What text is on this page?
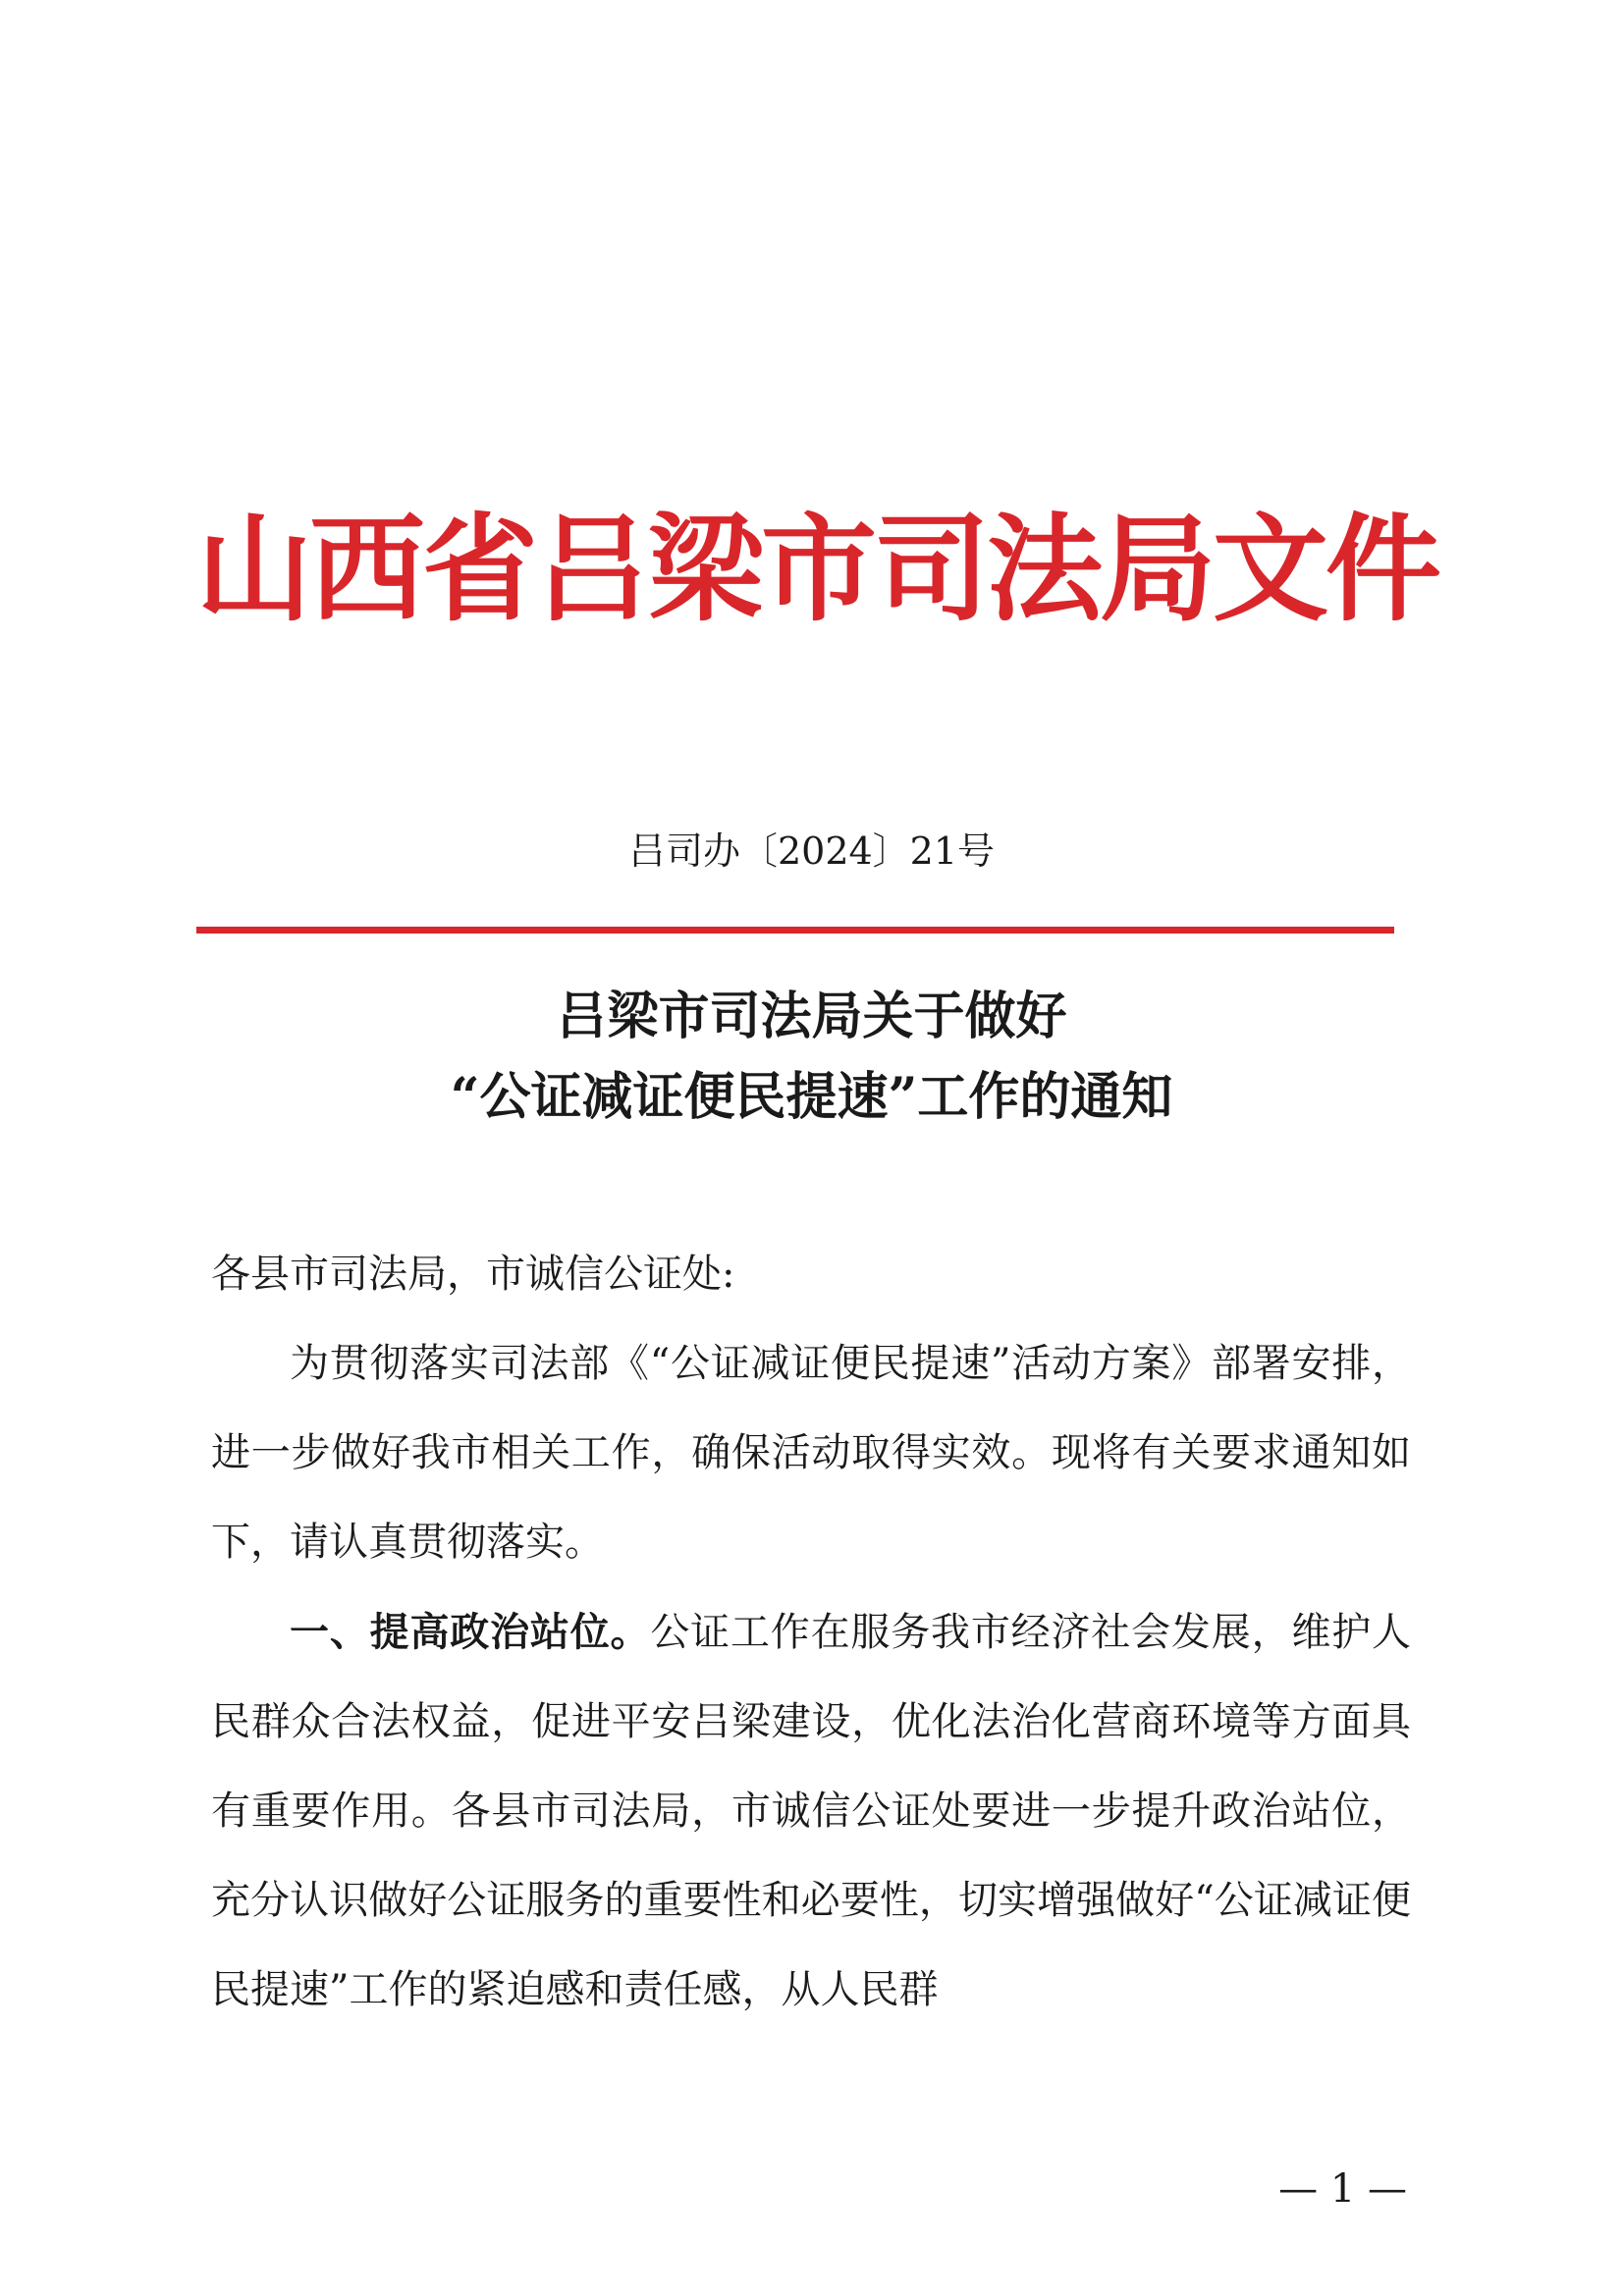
山西省吕梁市司法局文件
吕司办〔2024〕21号
吕梁市司法局关于做好
“公证减证便民提速”工作的通知
各县市司法局，市诚信公证处:
为贯彻落实司法部《“公证减证便民提速”活动方案》部署安排，进一步做好我市相关工作，确保活动取得实效。现将有关要求通知如下，请认真贯彻落实。
一、提高政治站位。公证工作在服务我市经济社会发展，维护人民群众合法权益，促进平安吕梁建设，优化法治化营商环境等方面具有重要作用。各县市司法局，市诚信公证处要进一步提升政治站位，充分认识做好公证服务的重要性和必要性，切实增强做好“公证减证便民提速”工作的紧迫感和责任感，从人民群
— 1 —
